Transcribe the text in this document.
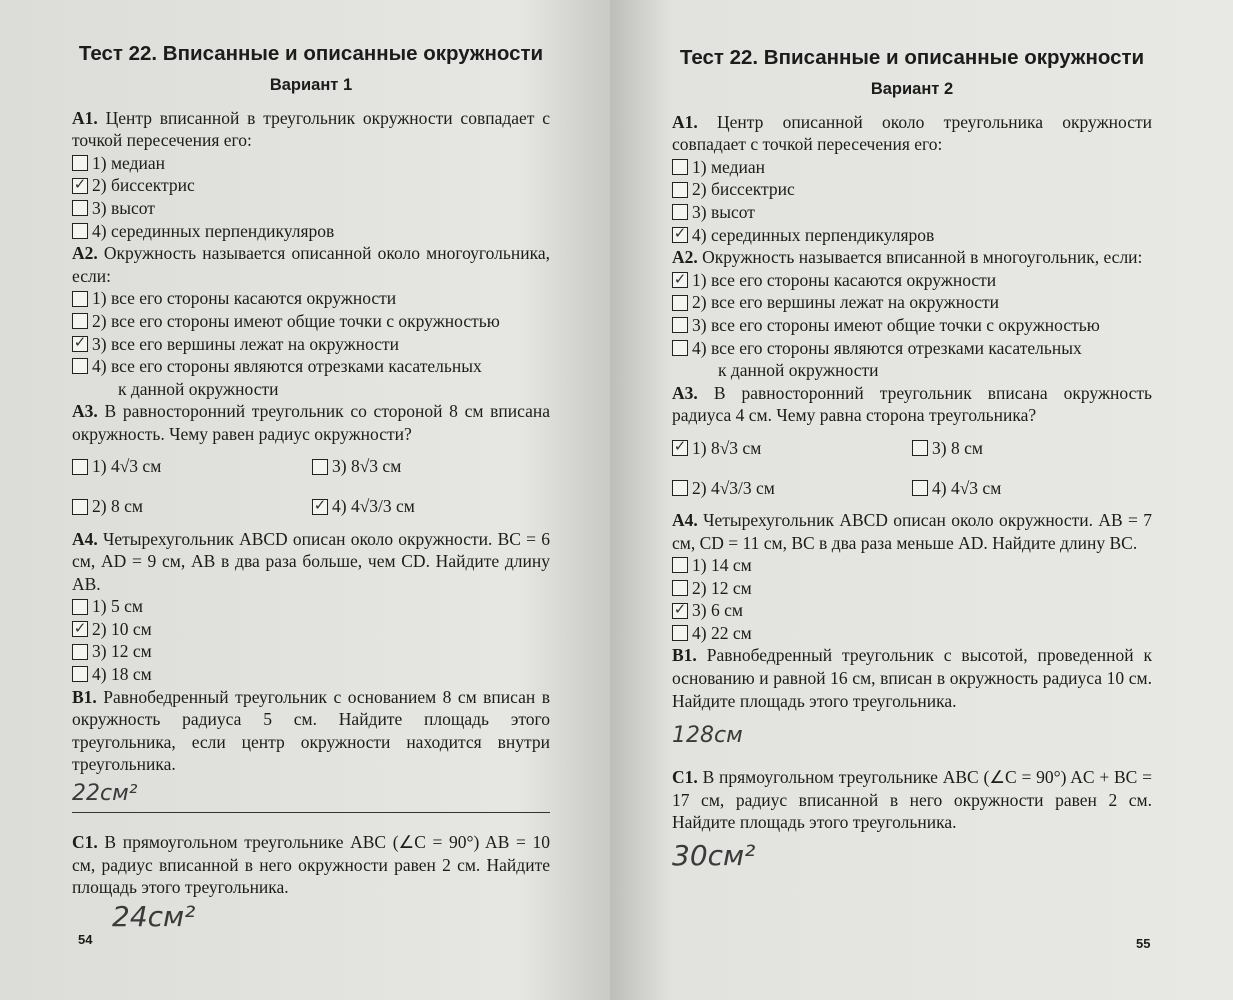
Тест 22. Вписанные и описанные окружности
Вариант 1

А1. Центр вписанной в треугольник окружности совпадает с точкой пересечения его:

1) медиан
✓ 2) биссектрис
3) высот
4) серединных перпендикуляров

А2. Окружность называется описанной около многоугольника, если:

1) все его стороны касаются окружности
2) все его стороны имеют общие точки с окружностью
✓ 3) все его вершины лежат на окружности
4) все его стороны являются отрезками касательных
к данной окружности

А3. В равносторонний треугольник со стороной 8 см вписана окружность. Чему равен радиус окружности?

1) 4√3 см	3) 8√3 см
2) 8 см	✓ 4) 4√3/3 см

А4. Четырехугольник ABCD описан около окружности. BC = 6 см, AD = 9 см, AB в два раза больше, чем CD. Найдите длину AB.

1) 5 см
✓ 2) 10 см
3) 12 см
4) 18 см

В1. Равнобедренный треугольник с основанием 8 см вписан в окружность радиуса 5 см. Найдите площадь этого треугольника, если центр окружности находится внутри треугольника.

22см²

С1. В прямоугольном треугольнике ABC (∠C = 90°) AB = 10 см, радиус вписанной в него окружности равен 2 см. Найдите площадь этого треугольника.

24см²
54
Тест 22. Вписанные и описанные окружности
Вариант 2

А1. Центр описанной около треугольника окружности совпадает с точкой пересечения его:

1) медиан
2) биссектрис
3) высот
✓ 4) серединных перпендикуляров

А2. Окружность называется вписанной в многоугольник, если:

✓ 1) все его стороны касаются окружности
2) все его вершины лежат на окружности
3) все его стороны имеют общие точки с окружностью
4) все его стороны являются отрезками касательных
к данной окружности

А3. В равносторонний треугольник вписана окружность радиуса 4 см. Чему равна сторона треугольника?

✓ 1) 8√3 см	3) 8 см
2) 4√3/3 см	4) 4√3 см

А4. Четырехугольник ABCD описан около окружности. AB = 7 см, CD = 11 см, BC в два раза меньше AD. Найдите длину BC.

1) 14 см
2) 12 см
✓ 3) 6 см
4) 22 см

В1. Равнобедренный треугольник с высотой, проведенной к основанию и равной 16 см, вписан в окружность радиуса 10 см. Найдите площадь этого треугольника.

128см

С1. В прямоугольном треугольнике ABC (∠C = 90°) AC + BC = 17 см, радиус вписанной в него окружности равен 2 см. Найдите площадь этого треугольника.

30см²
55
